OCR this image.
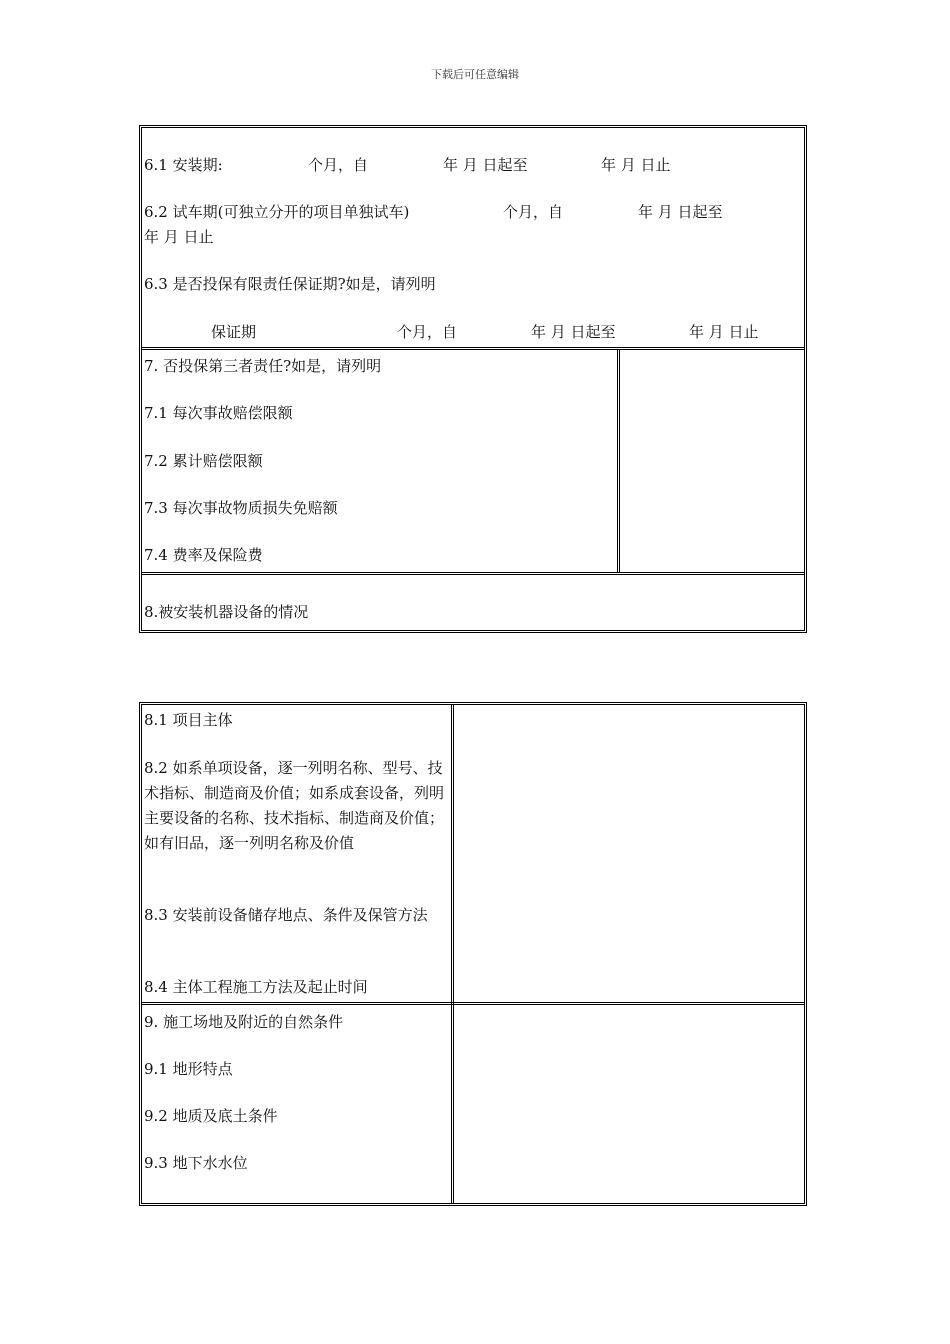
下载后可任意编辑
6.1 安装期:	个月，自	年 月 日起至	年 月 日止
6.2 试车期(可独立分开的项目单独试车)	个月，自	年 月 日起至
年 月 日止
6.3 是否投保有限责任保证期?如是，请列明
保证期	个月，自	年 月 日起至	年 月 日止
7. 否投保第三者责任?如是，请列明
7.1 每次事故赔偿限额
7.2 累计赔偿限额
7.3 每次事故物质损失免赔额
7.4 费率及保险费
8.被安装机器设备的情况
8.1 项目主体
8.2 如系单项设备，逐一列明名称、型号、技术指标、制造商及价值；如系成套设备，列明主要设备的名称、技术指标、制造商及价值；如有旧品，逐一列明名称及价值
8.3 安装前设备储存地点、条件及保管方法
8.4 主体工程施工方法及起止时间
9. 施工场地及附近的自然条件
9.1 地形特点
9.2 地质及底土条件
9.3 地下水水位
